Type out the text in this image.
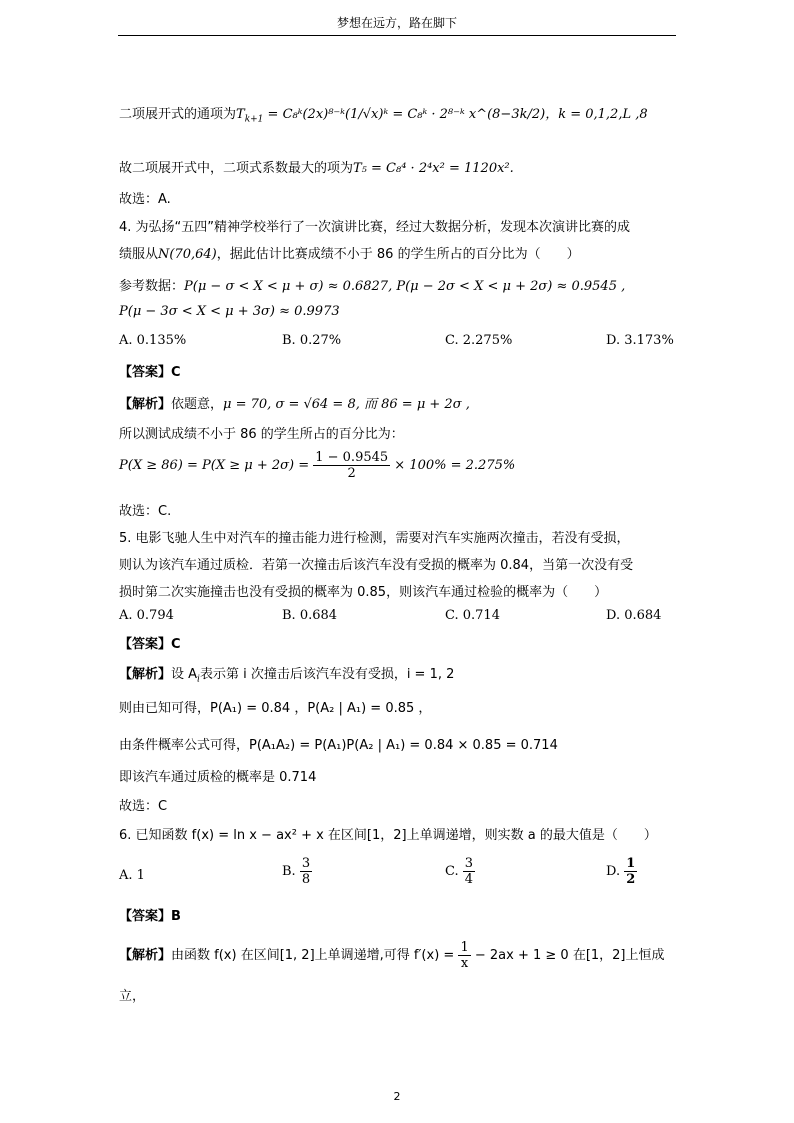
梦想在远方，路在脚下
二项展开式的通项为$T_{k+1}$ = C₈ᵏ(2x)⁸⁻ᵏ(1/√x)ᵏ = C₈ᵏ · 2⁸⁻ᵏ x^(8−3k/2)，k = 0,1,2,L ,8
故二项展开式中，二项式系数最大的项为T₅ = C₈⁴ · 2⁴x² = 1120x².
故选：A.
4. 为弘扬“五四”精神学校举行了一次演讲比赛，经过大数据分析，发现本次演讲比赛的成
绩服从N(70,64)，据此估计比赛成绩不小于 86 的学生所占的百分比为（　　）
参考数据：P(μ − σ < X < μ + σ) ≈ 0.6827, P(μ − 2σ < X < μ + 2σ) ≈ 0.9545 ,
P(μ − 3σ < X < μ + 3σ) ≈ 0.9973
A. 0.135%	B. 0.27%	C. 2.275%	D. 3.173%
【答案】C
【解析】依题意，μ = 70, σ = √64 = 8, 而 86 = μ + 2σ ,
所以测试成绩不小于 86 的学生所占的百分比为：
$P(X \ge 86) = P(X \ge \mu + 2\sigma) = \frac{1 - 0.9545}{2} \times 100\% = 2.275\%$
故选：C.
5. 电影飞驰人生中对汽车的撞击能力进行检测，需要对汽车实施两次撞击，若没有受损，
则认为该汽车通过质检．若第一次撞击后该汽车没有受损的概率为 0.84，当第一次没有受
损时第二次实施撞击也没有受损的概率为 0.85，则该汽车通过检验的概率为（　　）
A. 0.794	B. 0.684	C. 0.714	D. 0.684
【答案】C
【解析】设 $A_i$表示第 i 次撞击后该汽车没有受损，i = 1, 2
则由已知可得，P(A₁) = 0.84 ，P(A₂ | A₁) = 0.85 ，
由条件概率公式可得，P(A₁A₂) = P(A₁)P(A₂ | A₁) = 0.84 × 0.85 = 0.714
即该汽车通过质检的概率是 0.714
故选：C
6. 已知函数 f(x) = ln x − ax² + x 在区间[1，2]上单调递增，则实数 a 的最大值是（　　）
A. 1	B. $\frac{3}{8}$	C. $\frac{3}{4}$	D. $\frac{1}{2}$
【答案】B
【解析】由函数 f(x) 在区间[1, 2]上单调递增,可得 $f'(x) = \frac{1}{x} - 2ax + 1 \ge 0$ 在[1，2]上恒成
立，
2
